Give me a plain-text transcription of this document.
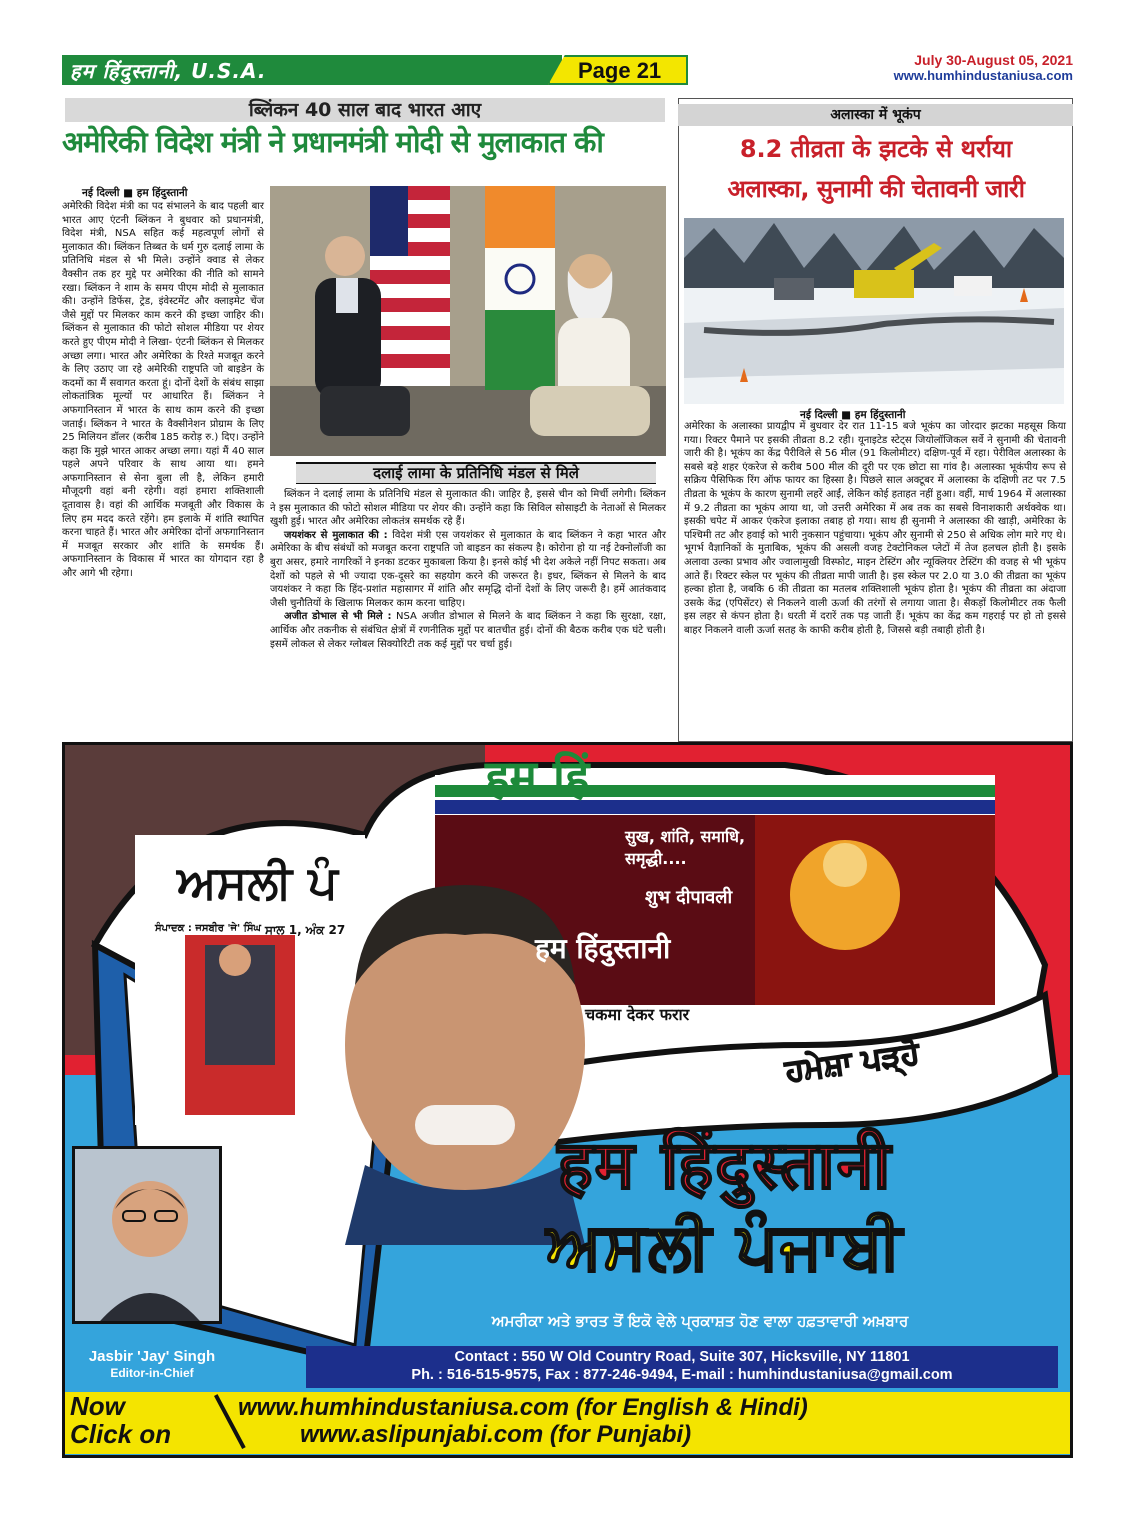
हम हिंदुस्तानी, U.S.A.	Page 21	July 30-August 05, 2021
www.humhindustaniusa.com
ब्लिंकन 40 साल बाद भारत आए
अमेरिकी विदेश मंत्री ने प्रधानमंत्री मोदी से मुलाकात की
नई दिल्ली ■ हम हिंदुस्तानी
अमेरिकी विदेश मंत्री का पद संभालने के बाद पहली बार भारत आए एंटनी ब्लिंकन ने बुधवार को प्रधानमंत्री, विदेश मंत्री, NSA सहित कई महत्वपूर्ण लोगों से मुलाकात की। ब्लिंकन तिब्बत के धर्म गुरु दलाई लामा के प्रतिनिधि मंडल से भी मिले। उन्होंने क्वाड से लेकर वैक्सीन तक हर मुद्दे पर अमेरिका की नीति को सामने रखा। ब्लिंकन ने शाम के समय पीएम मोदी से मुलाकात की। उन्होंने डिफेंस, ट्रेड, इंवेस्टमेंट और क्लाइमेट चेंज जैसे मुद्दों पर मिलकर काम करने की इच्छा जाहिर की। ब्लिंकन से मुलाकात की फोटो सोशल मीडिया पर शेयर करते हुए पीएम मोदी ने लिखा- एंटनी ब्लिंकन से मिलकर अच्छा लगा। भारत और अमेरिका के रिश्ते मजबूत करने के लिए उठाए जा रहे अमेरिकी राष्ट्रपति जो बाइडेन के कदमों का मैं सवागत करता हूं। दोनों देशों के संबंध साझा लोकतांत्रिक मूल्यों पर आधारित हैं। ब्लिंकन ने अफगानिस्तान में भारत के साथ काम करने की इच्छा जताई। ब्लिंकन ने भारत के वैक्सीनेशन प्रोग्राम के लिए 25 मिलियन डॉलर (करीब 185 करोड़ रु.) दिए। उन्होंने कहा कि मुझे भारत आकर अच्छा लगा। यहां मैं 40 साल पहले अपने परिवार के साथ आया था। हमने अफगानिस्तान से सेना बुला ली है, लेकिन हमारी मौजूदगी वहां बनी रहेगी। वहां हमारा शक्तिशाली दूतावास है। वहां की आर्थिक मजबूती और विकास के लिए हम मदद करते रहेंगे। हम इलाके में शांति स्थापित करना चाहते हैं। भारत और अमेरिका दोनों अफगानिस्तान में मजबूत सरकार और शांति के समर्थक हैं। अफगानिस्तान के विकास में भारत का योगदान रहा है और आगे भी रहेगा।
दलाई लामा के प्रतिनिधि मंडल से मिले

ब्लिंकन ने दलाई लामा के प्रतिनिधि मंडल से मुलाकात की। जाहिर है, इससे चीन को मिर्ची लगेगी। ब्लिंकन ने इस मुलाकात की फोटो सोशल मीडिया पर शेयर की। उन्होंने कहा कि सिविल सोसाइटी के नेताओं से मिलकर खुशी हुई। भारत और अमेरिका लोकतंत्र समर्थक रहे हैं।

जयशंकर से मुलाकात की : विदेश मंत्री एस जयशंकर से मुलाकात के बाद ब्लिंकन ने कहा भारत और अमेरिका के बीच संबंधों को मजबूत करना राष्ट्रपति जो बाइडन का संकल्प है। कोरोना हो या नई टेक्नोलॉजी का बुरा असर, हमारे नागरिकों ने इनका डटकर मुकाबला किया है। इनसे कोई भी देश अकेले नहीं निपट सकता। अब देशों को पहले से भी ज्यादा एक-दूसरे का सहयोग करने की जरूरत है। इधर, ब्लिंकन से मिलने के बाद जयशंकर ने कहा कि हिंद-प्रशांत महासागर में शांति और समृद्धि दोनों देशों के लिए जरूरी है। हमें आतंकवाद जैसी चुनौतियों के खिलाफ मिलकर काम करना चाहिए।

अजीत डोभाल से भी मिले : NSA अजीत डोभाल से मिलने के बाद ब्लिंकन ने कहा कि सुरक्षा, रक्षा, आर्थिक और तकनीक से संबंधित क्षेत्रों में रणनीतिक मुद्दों पर बातचीत हुई। दोनों की बैठक करीब एक घंटे चली। इसमें लोकल से लेकर ग्लोबल सिक्योरिटी तक कई मुद्दों पर चर्चा हुई।

अलास्का में भूकंप
8.2 तीव्रता के झटके से थर्राया
अलास्का, सुनामी की चेतावनी जारी
नई दिल्ली ■ हम हिंदुस्तानी
अमेरिका के अलास्का प्रायद्वीप में बुधवार देर रात 11-15 बजे भूकंप का जोरदार झटका महसूस किया गया। रिक्टर पैमाने पर इसकी तीव्रता 8.2 रही। यूनाइटेड स्टेट्स जियोलॉजिकल सर्वे ने सुनामी की चेतावनी जारी की है। भूकंप का केंद्र पैरीविले से 56 मील (91 किलोमीटर) दक्षिण-पूर्व में रहा। पेरीविल अलास्का के सबसे बड़े शहर एंकरेज से करीब 500 मील की दूरी पर एक छोटा सा गांव है। अलास्का भूकंपीय रूप से सक्रिय पैसिफिक रिंग ऑफ फायर का हिस्सा है। पिछले साल अक्टूबर में अलास्का के दक्षिणी तट पर 7.5 तीव्रता के भूकंप के कारण सुनामी लहरें आईं, लेकिन कोई हताहत नहीं हुआ। वहीं, मार्च 1964 में अलास्का में 9.2 तीव्रता का भूकंप आया था, जो उत्तरी अमेरिका में अब तक का सबसे विनाशकारी अर्थक्वेक था। इसकी चपेट में आकर एंकरेज इलाका तबाह हो गया। साथ ही सुनामी ने अलास्का की खाड़ी, अमेरिका के पश्चिमी तट और हवाई को भारी नुकसान पहुंचाया। भूकंप और सुनामी से 250 से अधिक लोग मारे गए थे। भूगर्भ वैज्ञानिकों के मुताबिक, भूकंप की असली वजह टेक्टोनिकल प्लेटों में तेज हलचल होती है। इसके अलावा उल्का प्रभाव और ज्वालामुखी विस्फोट, माइन टेस्टिंग और न्यूक्लियर टेस्टिंग की वजह से भी भूकंप आते हैं। रिक्टर स्केल पर भूकंप की तीव्रता मापी जाती है। इस स्केल पर 2.0 या 3.0 की तीव्रता का भूकंप हल्का होता है, जबकि 6 की तीव्रता का मतलब शक्तिशाली भूकंप होता है। भूकंप की तीव्रता का अंदाजा उसके केंद्र (एपिसेंटर) से निकलने वाली ऊर्जा की तरंगों से लगाया जाता है। सैकड़ों किलोमीटर तक फैली इस लहर से कंपन होता है। धरती में दरारें तक पड़ जाती हैं। भूकंप का केंद्र कम गहराई पर हो तो इससे बाहर निकलने वाली ऊर्जा सतह के काफी करीब होती है, जिससे बड़ी तबाही होती है।
ਅਸਲੀ ਪੰ
ਸਾਲ 1, ਅੰਕ 27
ਸੰਪਾਦਕ : ਜਸਬੀਰ 'ਜੇ' ਸਿੰਘ
हम हिं
सुख, शांति, समाधि, समृद्धी....
शुभ दीपावली
हम हिंदुस्तानी
चकमा देकर फरार
ਹਮੇਸ਼ਾ ਪੜ੍ਹੋ
Jasbir 'Jay' Singh
Editor-in-Chief
हम हिंदुस्तानी
ਅਸਲੀ ਪੰਜਾਬੀ
ਅਮਰੀਕਾ ਅਤੇ ਭਾਰਤ ਤੋਂ ਇਕੋ ਵੇਲੇ ਪ੍ਰਕਾਸ਼ਤ ਹੋਣ ਵਾਲਾ ਹਫ਼ਤਾਵਾਰੀ ਅਖ਼ਬਾਰ
Contact : 550 W Old Country Road, Suite 307, Hicksville, NY 11801
Ph. : 516-515-9575, Fax : 877-246-9494, E-mail : humhindustaniusa@gmail.com
Now
Click on
www.humhindustaniusa.com (for English & Hindi)
www.aslipunjabi.com (for Punjabi)
